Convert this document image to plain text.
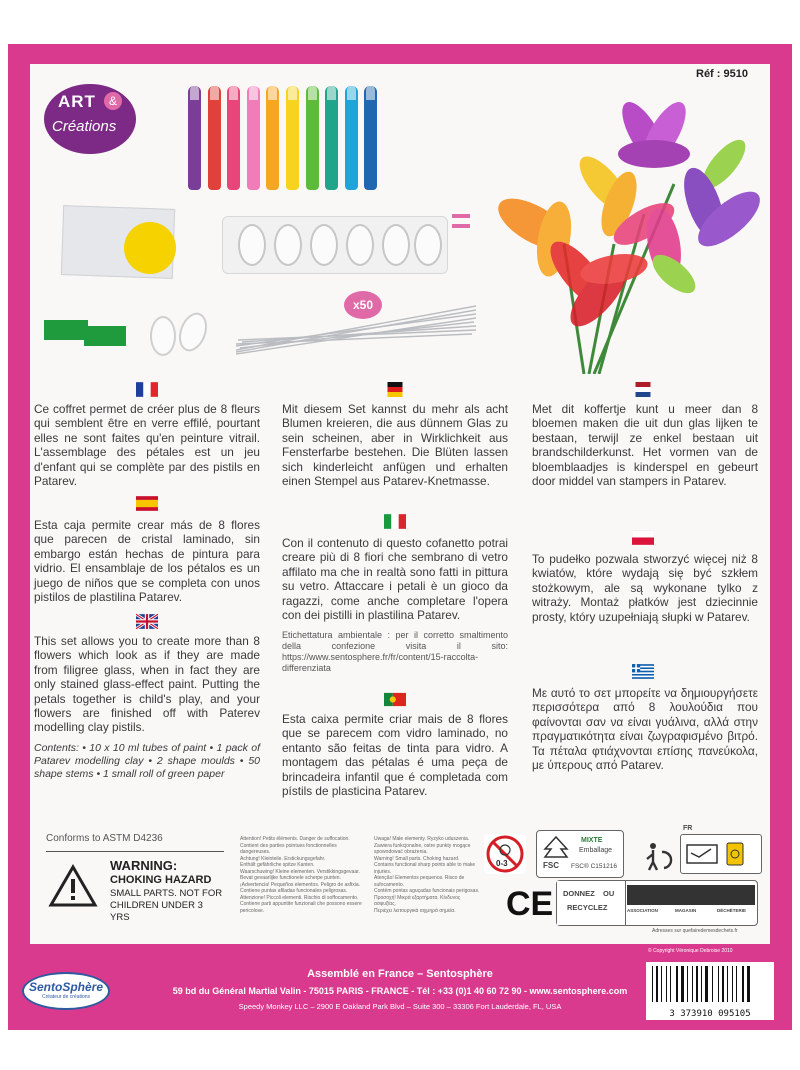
ART	&
Créations
Réf : 9510
x50

Ce coffret permet de créer plus de 8 fleurs qui semblent être en verre effilé, pourtant elles ne sont faites qu'en peinture vitrail. L'assemblage des pétales est un jeu d'enfant qui se complète par des pistils en Patarev.

Esta caja permite crear más de 8 flores que parecen de cristal laminado, sin embargo están hechas de pintura para vidrio. El ensamblaje de los pétalos es un juego de niños que se completa con unos pistilos de plastilina Patarev.

This set allows you to create more than 8 flowers which look as if they are made from filigree glass, when in fact they are only stained glass-effect paint. Putting the petals together is child's play, and your flowers are finished off with Paterev modelling clay pistils.

Contents: • 10 x 10 ml tubes of paint • 1 pack of Patarev modelling clay • 2 shape moulds • 50 shape stems • 1 small roll of green paper

Mit diesem Set kannst du mehr als acht Blumen kreieren, die aus dünnem Glas zu sein scheinen, aber in Wirklichkeit aus Fensterfarbe bestehen. Die Blüten lassen sich kinderleicht anfügen und erhalten einen Stempel aus Patarev-Knetmasse.

Con il contenuto di questo cofanetto potrai creare più di 8 fiori che sembrano di vetro affilato ma che in realtà sono fatti in pittura su vetro. Attaccare i petali è un gioco da ragazzi, come anche completare l'opera con dei pistilli in plastilina Patarev.

Etichettatura ambientale : per il corretto smaltimento della confezione visita il sito: https://www.sentosphere.fr/fr/content/15-raccolta-differenziata

Esta caixa permite criar mais de 8 flores que se parecem com vidro laminado, no entanto são feitas de tinta para vidro. A montagem das pétalas é uma peça de brincadeira infantil que é completada com pístils de plasticina Patarev.

Met dit koffertje kunt u meer dan 8 bloemen maken die uit dun glas lijken te bestaan, terwijl ze enkel bestaan uit brandschilderkunst. Het vormen van de bloemblaadjes is kinderspel en gebeurt door middel van stampers in Patarev.

To pudełko pozwala stworzyć więcej niż 8 kwiatów, które wydają się być szkłem stożkowym, ale są wykonane tylko z witraży. Montaż płatków jest dziecinnie prosty, który uzupełniają słupki w Patarev.

Με αυτό το σετ μπορείτε να δημιουργήσετε περισσότερα από 8 λουλούδια που φαίνονται σαν να είναι γυάλινα, αλλά στην πραγματικότητα είναι ζωγραφισμένο βιτρό. Τα πέταλα φτιάχνονται επίσης πανεύκολα, με ύπερους από Patarev.

Conforms to ASTM D4236
WARNING:
CHOKING HAZARD
SMALL PARTS. NOT FOR
CHILDREN UNDER 3 YRS
Attention! Petits éléments. Danger de suffocation.
Contient des parties pointues fonctionnelles dangereuses.
Achtung! Kleinteile. Erstickungsgefahr.
Enthält gefährliche spitze Kanten.
Waarschuwing! Kleine elementen. Verstikkingsgevaar.
Bevat gevaarlijke functionele scherpe punten.
¡Advertencia! Pequeños elementos. Peligro de asfixia.
Contiene puntas afiladas funcionales peligrosas.
Attenzione! Piccoli elementi. Rischio di soffocamento.
Contiene parti appuntite funzionali che possono essere pericolose.
Uwaga! Małe elementy. Ryzyko uduszenia.
Zawiera funkcjonalne, ostre punkty mogące spowodować obrażenia.
Warning! Small parts. Choking hazard.
Contains functional sharp points able to make injuries.
Atenção! Elementos pequenos. Risco de sufocamento.
Contém pontas aguçadas funcionais perigosas.
Προσοχή! Μικρά εξαρτήματα. Κίνδυνος ασφυξίας.
Περιέχει λειτουργικά αιχμηρά σημεία.
0-3	FSC
MIXTE
Emballage
FSC® C151216
FR
CE DONNEZ OU
RECYCLEZ	ASSOCIATION	MAGASIN	DÉCHÈTERIE
Adresses sur quefairedemesdechets.fr
© Copyright Véronique Debroise 2010
SentoSphère
Créateur de créations
Assemblé en France – Sentosphère
59 bd du Général Martial Valin - 75015 PARIS - FRANCE - Tél : +33 (0)1 40 60 72 90 - www.sentosphere.com
Speedy Monkey LLC – 2900 E Oakland Park Blvd – Suite 300 – 33306 Fort Lauderdale, FL, USA
3 373910 095105
